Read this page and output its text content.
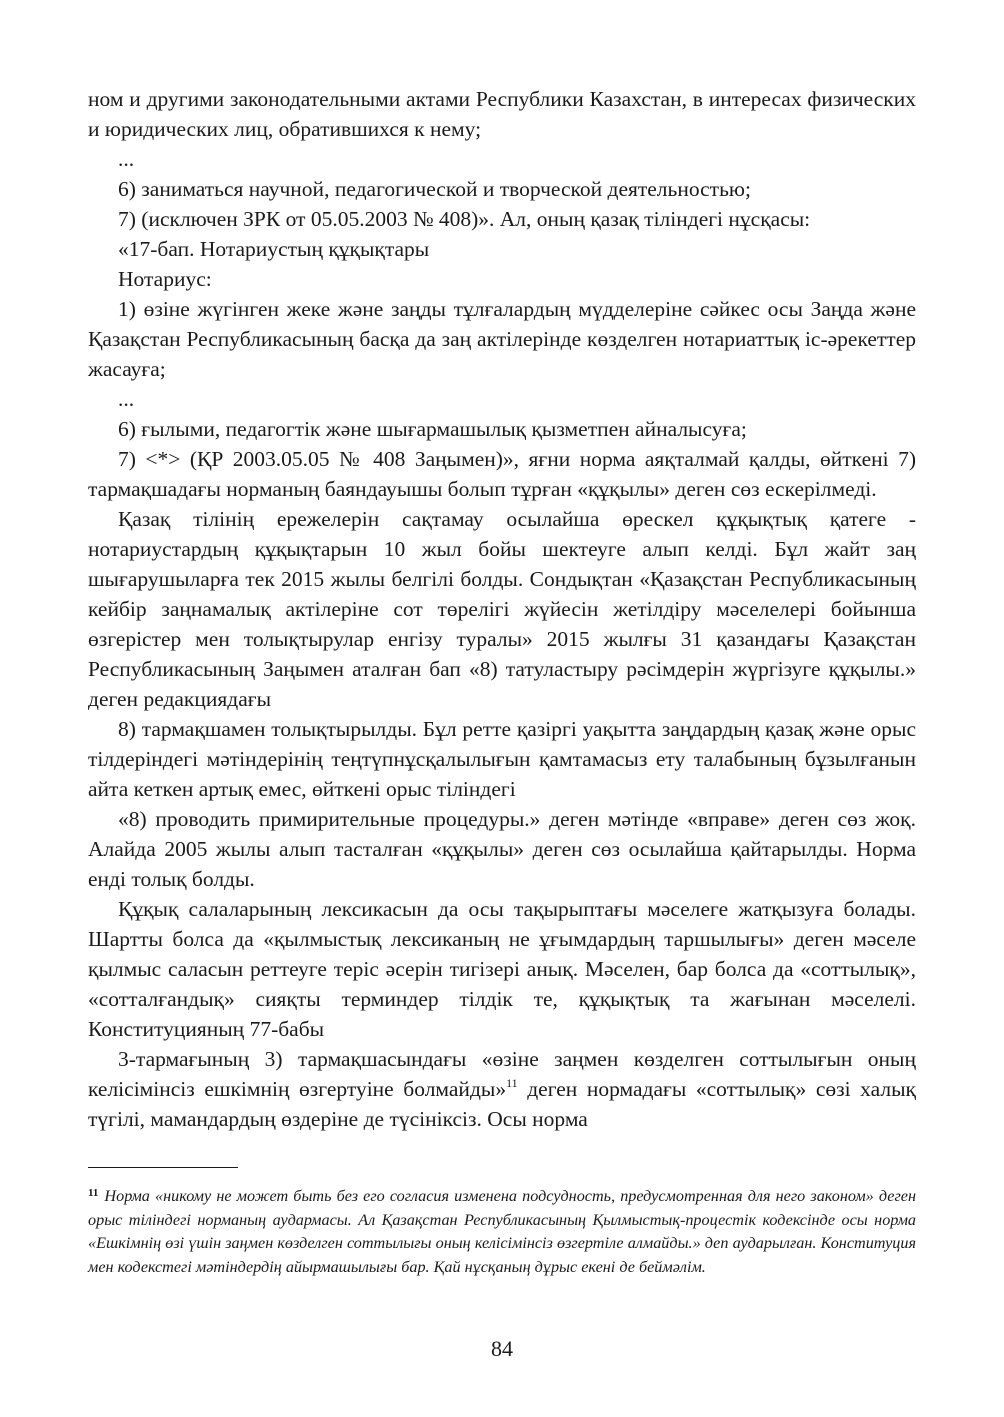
ном и другими законодательными актами Республики Казахстан, в интересах физических и юридических лиц, обратившихся к нему;

...

6) заниматься научной, педагогической и творческой деятельностью;

7) (исключен ЗРК от 05.05.2003 № 408)». Ал, оның қазақ тіліндегі нұсқасы:

«17-бап. Нотариустың құқықтары

Нотариус:

1) өзіне жүгінген жеке және заңды тұлғалардың мүдделеріне сәйкес осы Заңда және Қазақстан Республикасының басқа да заң актілерінде көзделген нотариаттық іс-әрекеттер жасауға;

...

6) ғылыми, педагогтік және шығармашылық қызметпен айналысуға;

7) <*> (ҚР 2003.05.05 № 408 Заңымен)», яғни норма аяқталмай қалды, өйткені 7) тармақшадағы норманың баяндауышы болып тұрған «құқылы» деген сөз ескерілмеді.

Қазақ тілінің ережелерін сақтамау осылайша өрескел құқықтық қатеге - нотариустардың құқықтарын 10 жыл бойы шектеуге алып келді. Бұл жайт заң шығарушыларға тек 2015 жылы белгілі болды. Сондықтан «Қазақстан Республикасының кейбір заңнамалық актілеріне сот төрелігі жүйесін жетілдіру мәселелері бойынша өзгерістер мен толықтырулар енгізу туралы» 2015 жылғы 31 қазандағы Қазақстан Республикасының Заңымен аталған бап «8) татуластыру рәсімдерін жүргізуге құқылы.» деген редакциядағы

8) тармақшамен толықтырылды. Бұл ретте қазіргі уақытта заңдардың қазақ және орыс тілдеріндегі мәтіндерінің теңтүпнұсқалылығын қамтамасыз ету талабының бұзылғанын айта кеткен артық емес, өйткені орыс тіліндегі

«8) проводить примирительные процедуры.» деген мәтінде «вправе» деген сөз жоқ. Алайда 2005 жылы алып тасталған «құқылы» деген сөз осылайша қайтарылды. Норма енді толық болды.

Құқық салаларының лексикасын да осы тақырыптағы мәселеге жатқызуға болады. Шартты болса да «қылмыстық лексиканың не ұғымдардың таршылығы» деген мәселе қылмыс саласын реттеуге теріс әсерін тигізері анық. Мәселен, бар болса да «соттылық», «сотталғандық» сияқты терминдер тілдік те, құқықтық та жағынан мәселелі. Конституцияның 77-бабы

3-тармағының 3) тармақшасындағы «өзіне заңмен көзделген соттылығын оның келісімінсіз ешкімнің өзгертуіне болмайды»$^{11}$ деген нормадағы «соттылық» сөзі халық түгілі, мамандардың өздеріне де түсініксіз. Осы норма

$^{11}$ Норма «никому не может быть без его согласия изменена подсудность, предусмотренная для него законом» деген орыс тіліндегі норманың аудармасы. Ал Қазақстан Республикасының Қылмыстық-процестік кодексінде осы норма «Ешкімнің өзі үшін заңмен көзделген соттылығы оның келісімінсіз өзгертіле алмайды.» деп аударылған. Конституция мен кодекстегі мәтіндердің айырмашылығы бар. Қай нұсқаның дұрыс екені де беймәлім.
84
